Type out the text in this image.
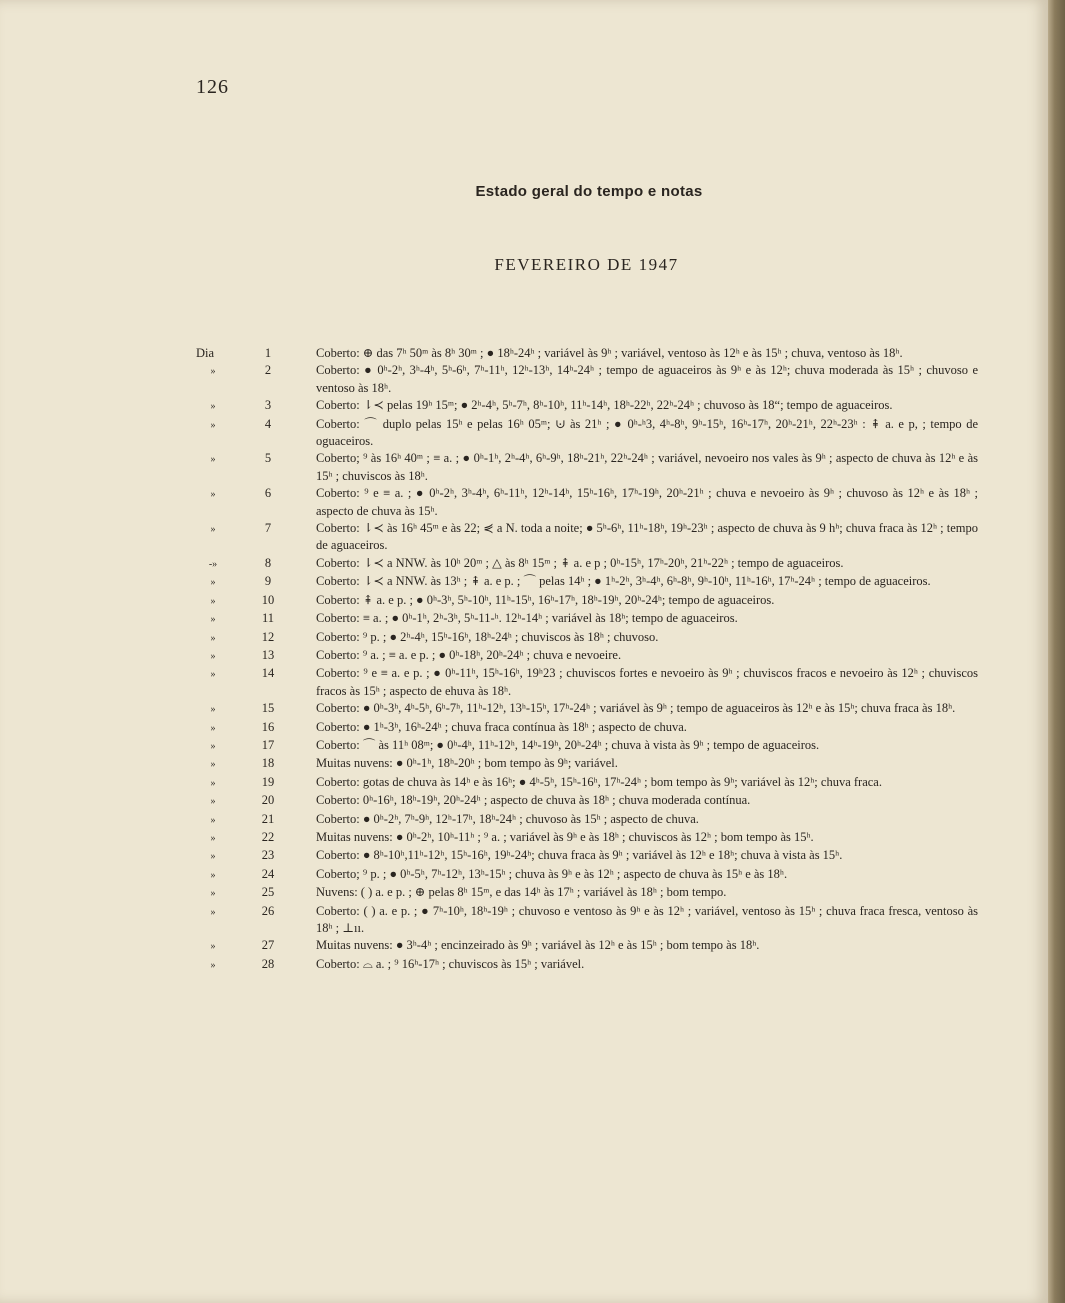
126
Estado geral do tempo e notas
FEVEREIRO DE 1947
Dia	1	Coberto: ⊕ das 7ʰ 50ᵐ às 8ʰ 30ᵐ ; ● 18ʰ-24ʰ ; variável às 9ʰ ; variável, ventoso às 12ʰ e às 15ʰ ; chuva, ventoso às 18ʰ.
»	2	Coberto: ● 0ʰ-2ʰ, 3ʰ-4ʰ, 5ʰ-6ʰ, 7ʰ-11ʰ, 12ʰ-13ʰ, 14ʰ-24ʰ ; tempo de aguaceiros às 9ʰ e às 12ʰ; chuva moderada às 15ʰ ; chuvoso e ventoso às 18ʰ.
»	3	Coberto: ⇂≺ pelas 19ʰ 15ᵐ; ● 2ʰ-4ʰ, 5ʰ-7ʰ, 8ʰ-10ʰ, 11ʰ-14ʰ, 18ʰ-22ʰ, 22ʰ-24ʰ ; chuvoso às 18“; tempo de aguaceiros.
»	4	Coberto: ⌒ duplo pelas 15ʰ e pelas 16ʰ 05ᵐ; ⊍ às 21ʰ ; ● 0ʰ-ʰ3, 4ʰ-8ʰ, 9ʰ-15ʰ, 16ʰ-17ʰ, 20ʰ-21ʰ, 22ʰ-23ʰ : ⇞ a. e p, ; tempo de oguaceiros.
»	5	Coberto; ⁹ às 16ʰ 40ᵐ ; ≡ a. ; ● 0ʰ-1ʰ, 2ʰ-4ʰ, 6ʰ-9ʰ, 18ʰ-21ʰ, 22ʰ-24ʰ ; variável, nevoeiro nos vales às 9ʰ ; aspecto de chuva às 12ʰ e às 15ʰ ; chuviscos às 18ʰ.
»	6	Coberto: ⁹ e ≡ a. ; ● 0ʰ-2ʰ, 3ʰ-4ʰ, 6ʰ-11ʰ, 12ʰ-14ʰ, 15ʰ-16ʰ, 17ʰ-19ʰ, 20ʰ-21ʰ ; chuva e nevoeiro às 9ʰ ; chuvoso às 12ʰ e às 18ʰ ; aspecto de chuva às 15ʰ.
»	7	Coberto: ⇂≺ às 16ʰ 45ᵐ e às 22; ⋞ a N. toda a noite; ● 5ʰ-6ʰ, 11ʰ-18ʰ, 19ʰ-23ʰ ; aspecto de chuva às 9 hʰ; chuva fraca às 12ʰ ; tempo de aguaceiros.
-»	8	Coberto: ⇂≺ a NNW. às 10ʰ 20ᵐ ; △ às 8ʰ 15ᵐ ; ⇞ a. e p ; 0ʰ-15ʰ, 17ʰ-20ʰ, 21ʰ-22ʰ ; tempo de aguaceiros.
»	9	Coberto: ⇂≺ a NNW. às 13ʰ ; ⇞ a. e p. ; ⌒ pelas 14ʰ ; ● 1ʰ-2ʰ, 3ʰ-4ʰ, 6ʰ-8ʰ, 9ʰ-10ʰ, 11ʰ-16ʰ, 17ʰ-24ʰ ; tempo de aguaceiros.
»	10	Coberto: ⇞ a. e p. ; ● 0ʰ-3ʰ, 5ʰ-10ʰ, 11ʰ-15ʰ, 16ʰ-17ʰ, 18ʰ-19ʰ, 20ʰ-24ʰ; tempo de aguaceiros.
»	11	Coberto: ≡ a. ; ● 0ʰ-1ʰ, 2ʰ-3ʰ, 5ʰ-11-ʰ. 12ʰ-14ʰ ; variável às 18ʰ; tempo de aguaceiros.
»	12	Coberto: ⁹ p. ; ● 2ʰ-4ʰ, 15ʰ-16ʰ, 18ʰ-24ʰ ; chuviscos às 18ʰ ; chuvoso.
»	13	Coberto: ⁹ a. ; ≡ a. e p. ; ● 0ʰ-18ʰ, 20ʰ-24ʰ ; chuva e nevoeire.
»	14	Coberto: ⁹ e ≡ a. e p. ; ● 0ʰ-11ʰ, 15ʰ-16ʰ, 19ʰ23 ; chuviscos fortes e nevoeiro às 9ʰ ; chuviscos fracos e nevoeiro às 12ʰ ; chuviscos fracos às 15ʰ ; aspecto de ehuva às 18ʰ.
»	15	Coberto: ● 0ʰ-3ʰ, 4ʰ-5ʰ, 6ʰ-7ʰ, 11ʰ-12ʰ, 13ʰ-15ʰ, 17ʰ-24ʰ ; variável às 9ʰ ; tempo de aguaceiros às 12ʰ e às 15ʰ; chuva fraca às 18ʰ.
»	16	Coberto: ● 1ʰ-3ʰ, 16ʰ-24ʰ ; chuva fraca contínua às 18ʰ ; aspecto de chuva.
»	17	Coberto: ⌒ às 11ʰ 08ᵐ; ● 0ʰ-4ʰ, 11ʰ-12ʰ, 14ʰ-19ʰ, 20ʰ-24ʰ ; chuva à vista às 9ʰ ; tempo de aguaceiros.
»	18	Muitas nuvens: ● 0ʰ-1ʰ, 18ʰ-20ʰ ; bom tempo às 9ʰ; variável.
»	19	Coberto: gotas de chuva às 14ʰ e às 16ʰ; ● 4ʰ-5ʰ, 15ʰ-16ʰ, 17ʰ-24ʰ ; bom tempo às 9ʰ; variável às 12ʰ; chuva fraca.
»	20	Coberto: 0ʰ-16ʰ, 18ʰ-19ʰ, 20ʰ-24ʰ ; aspecto de chuva às 18ʰ ; chuva moderada contínua.
»	21	Coberto: ● 0ʰ-2ʰ, 7ʰ-9ʰ, 12ʰ-17ʰ, 18ʰ-24ʰ ; chuvoso às 15ʰ ; aspecto de chuva.
»	22	Muitas nuvens: ● 0ʰ-2ʰ, 10ʰ-11ʰ ; ⁹ a. ; variável às 9ʰ e às 18ʰ ; chuviscos às 12ʰ ; bom tempo às 15ʰ.
»	23	Coberto: ● 8ʰ-10ʰ,11ʰ-12ʰ, 15ʰ-16ʰ, 19ʰ-24ʰ; chuva fraca às 9ʰ ; variável às 12ʰ e 18ʰ; chuva à vista às 15ʰ.
»	24	Coberto; ⁹ p. ; ● 0ʰ-5ʰ, 7ʰ-12ʰ, 13ʰ-15ʰ ; chuva às 9ʰ e às 12ʰ ; aspecto de chuva às 15ʰ e às 18ʰ.
»	25	Nuvens: ( ) a. e p. ; ⊕ pelas 8ʰ 15ᵐ, e das 14ʰ às 17ʰ ; variável às 18ʰ ; bom tempo.
»	26	Coberto: ( ) a. e p. ; ● 7ʰ-10ʰ, 18ʰ-19ʰ ; chuvoso e ventoso às 9ʰ e às 12ʰ ; variável, ventoso às 15ʰ ; chuva fraca fresca, ventoso às 18ʰ ; ⊥ıı.
»	27	Muitas nuvens: ● 3ʰ-4ʰ ; encinzeirado às 9ʰ ; variável às 12ʰ e às 15ʰ ; bom tempo às 18ʰ.
»	28	Coberto: ⌓ a. ; ⁹ 16ʰ-17ʰ ; chuviscos às 15ʰ ; variável.
